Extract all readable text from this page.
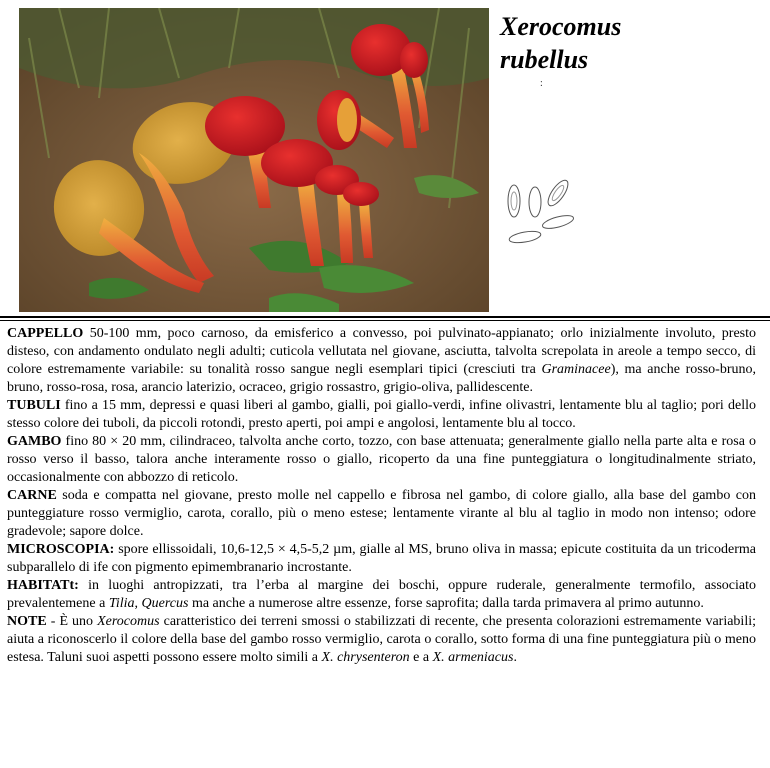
Xerocomus
rubellus
:

CAPPELLO 50-100 mm, poco carnoso, da emisferico a convesso, poi pulvinato-appianato; orlo inizialmente involuto, presto disteso, con andamento ondulato negli adulti; cuticola vellutata nel giovane, asciutta, talvolta screpolata in areole a tempo secco, di colore estremamente variabile: su tonalità rosso sangue negli esemplari tipici (cresciuti tra Graminacee), ma anche rosso-bruno, bruno, rosso-rosa, rosa, arancio laterizio, ocraceo, grigio rossastro, grigio-oliva, pallidescente.

TUBULI fino a 15 mm, depressi e quasi liberi al gambo, gialli, poi giallo-verdi, infine olivastri, lentamente blu al taglio; pori dello stesso colore dei tuboli, da piccoli rotondi, presto aperti, poi ampi e angolosi, lentamente blu al tocco.

GAMBO fino 80 × 20 mm, cilindraceo, talvolta anche corto, tozzo, con base attenuata; generalmente giallo nella parte alta e rosa o rosso verso il basso, talora anche interamente rosso o giallo, ricoperto da una fine punteggiatura o longitudinalmente striato, occasionalmente con abbozzo di reticolo.

CARNE soda e compatta nel giovane, presto molle nel cappello e fibrosa nel gambo, di colore giallo, alla base del gambo con punteggiature rosso vermiglio, carota, corallo, più o meno estese; lentamente virante al blu al taglio in modo non intenso; odore gradevole; sapore dolce.

MICROSCOPIA: spore ellissoidali, 10,6-12,5 × 4,5-5,2 µm, gialle al MS, bruno oliva in massa; epicute costituita da un tricoderma subparallelo di ife con pigmento epimembranario incrostante.

HABITATt: in luoghi antropizzati, tra l’erba al margine dei boschi, oppure ruderale, generalmente termofilo, associato prevalentemene a Tilia, Quercus ma anche a numerose altre essenze, forse saprofita; dalla tarda primavera al primo autunno.

NOTE - È uno Xerocomus caratteristico dei terreni smossi o stabilizzati di recente, che presenta colorazioni estremamente variabili; aiuta a riconoscerlo il colore della base del gambo rosso vermiglio, carota o corallo, sotto forma di una fine punteggiatura più o meno estesa. Taluni suoi aspetti possono essere molto simili a X. chrysenteron e a X. armeniacus.
